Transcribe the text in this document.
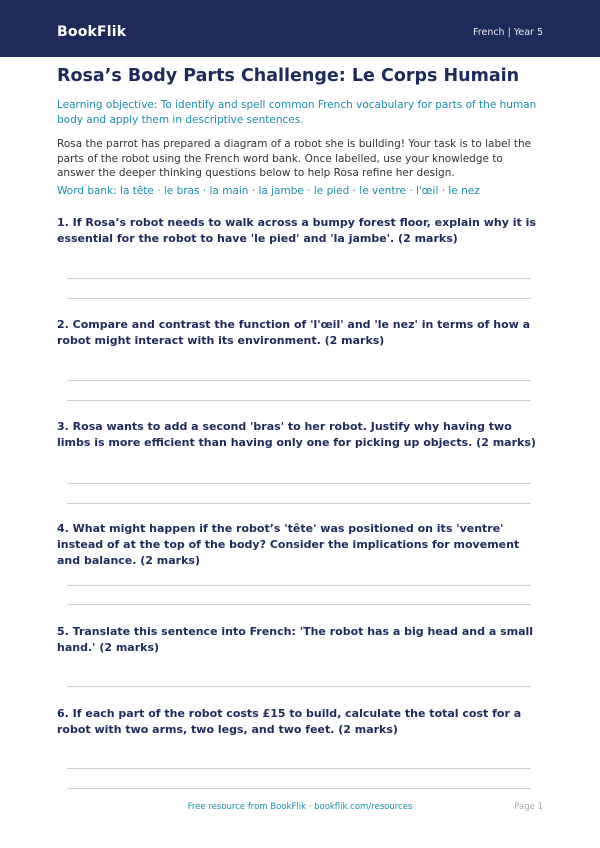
BookFlik	French | Year 5
Rosa’s Body Parts Challenge: Le Corps Humain
Learning objective: To identify and spell common French vocabulary for parts of the human body and apply them in descriptive sentences.
Rosa the parrot has prepared a diagram of a robot she is building! Your task is to label the parts of the robot using the French word bank. Once labelled, use your knowledge to answer the deeper thinking questions below to help Rosa refine her design.
Word bank: la tête · le bras · la main · la jambe · le pied · le ventre · l'œil · le nez
1. If Rosa’s robot needs to walk across a bumpy forest floor, explain why it is essential for the robot to have 'le pied' and 'la jambe'. (2 marks)
2. Compare and contrast the function of 'l'œil' and 'le nez' in terms of how a robot might interact with its environment. (2 marks)
3. Rosa wants to add a second 'bras' to her robot. Justify why having two limbs is more efficient than having only one for picking up objects. (2 marks)
4. What might happen if the robot’s 'tête' was positioned on its 'ventre' instead of at the top of the body? Consider the implications for movement and balance. (2 marks)
5. Translate this sentence into French: 'The robot has a big head and a small hand.' (2 marks)
6. If each part of the robot costs £15 to build, calculate the total cost for a robot with two arms, two legs, and two feet. (2 marks)
Free resource from BookFlik · bookflik.com/resources	Page 1
